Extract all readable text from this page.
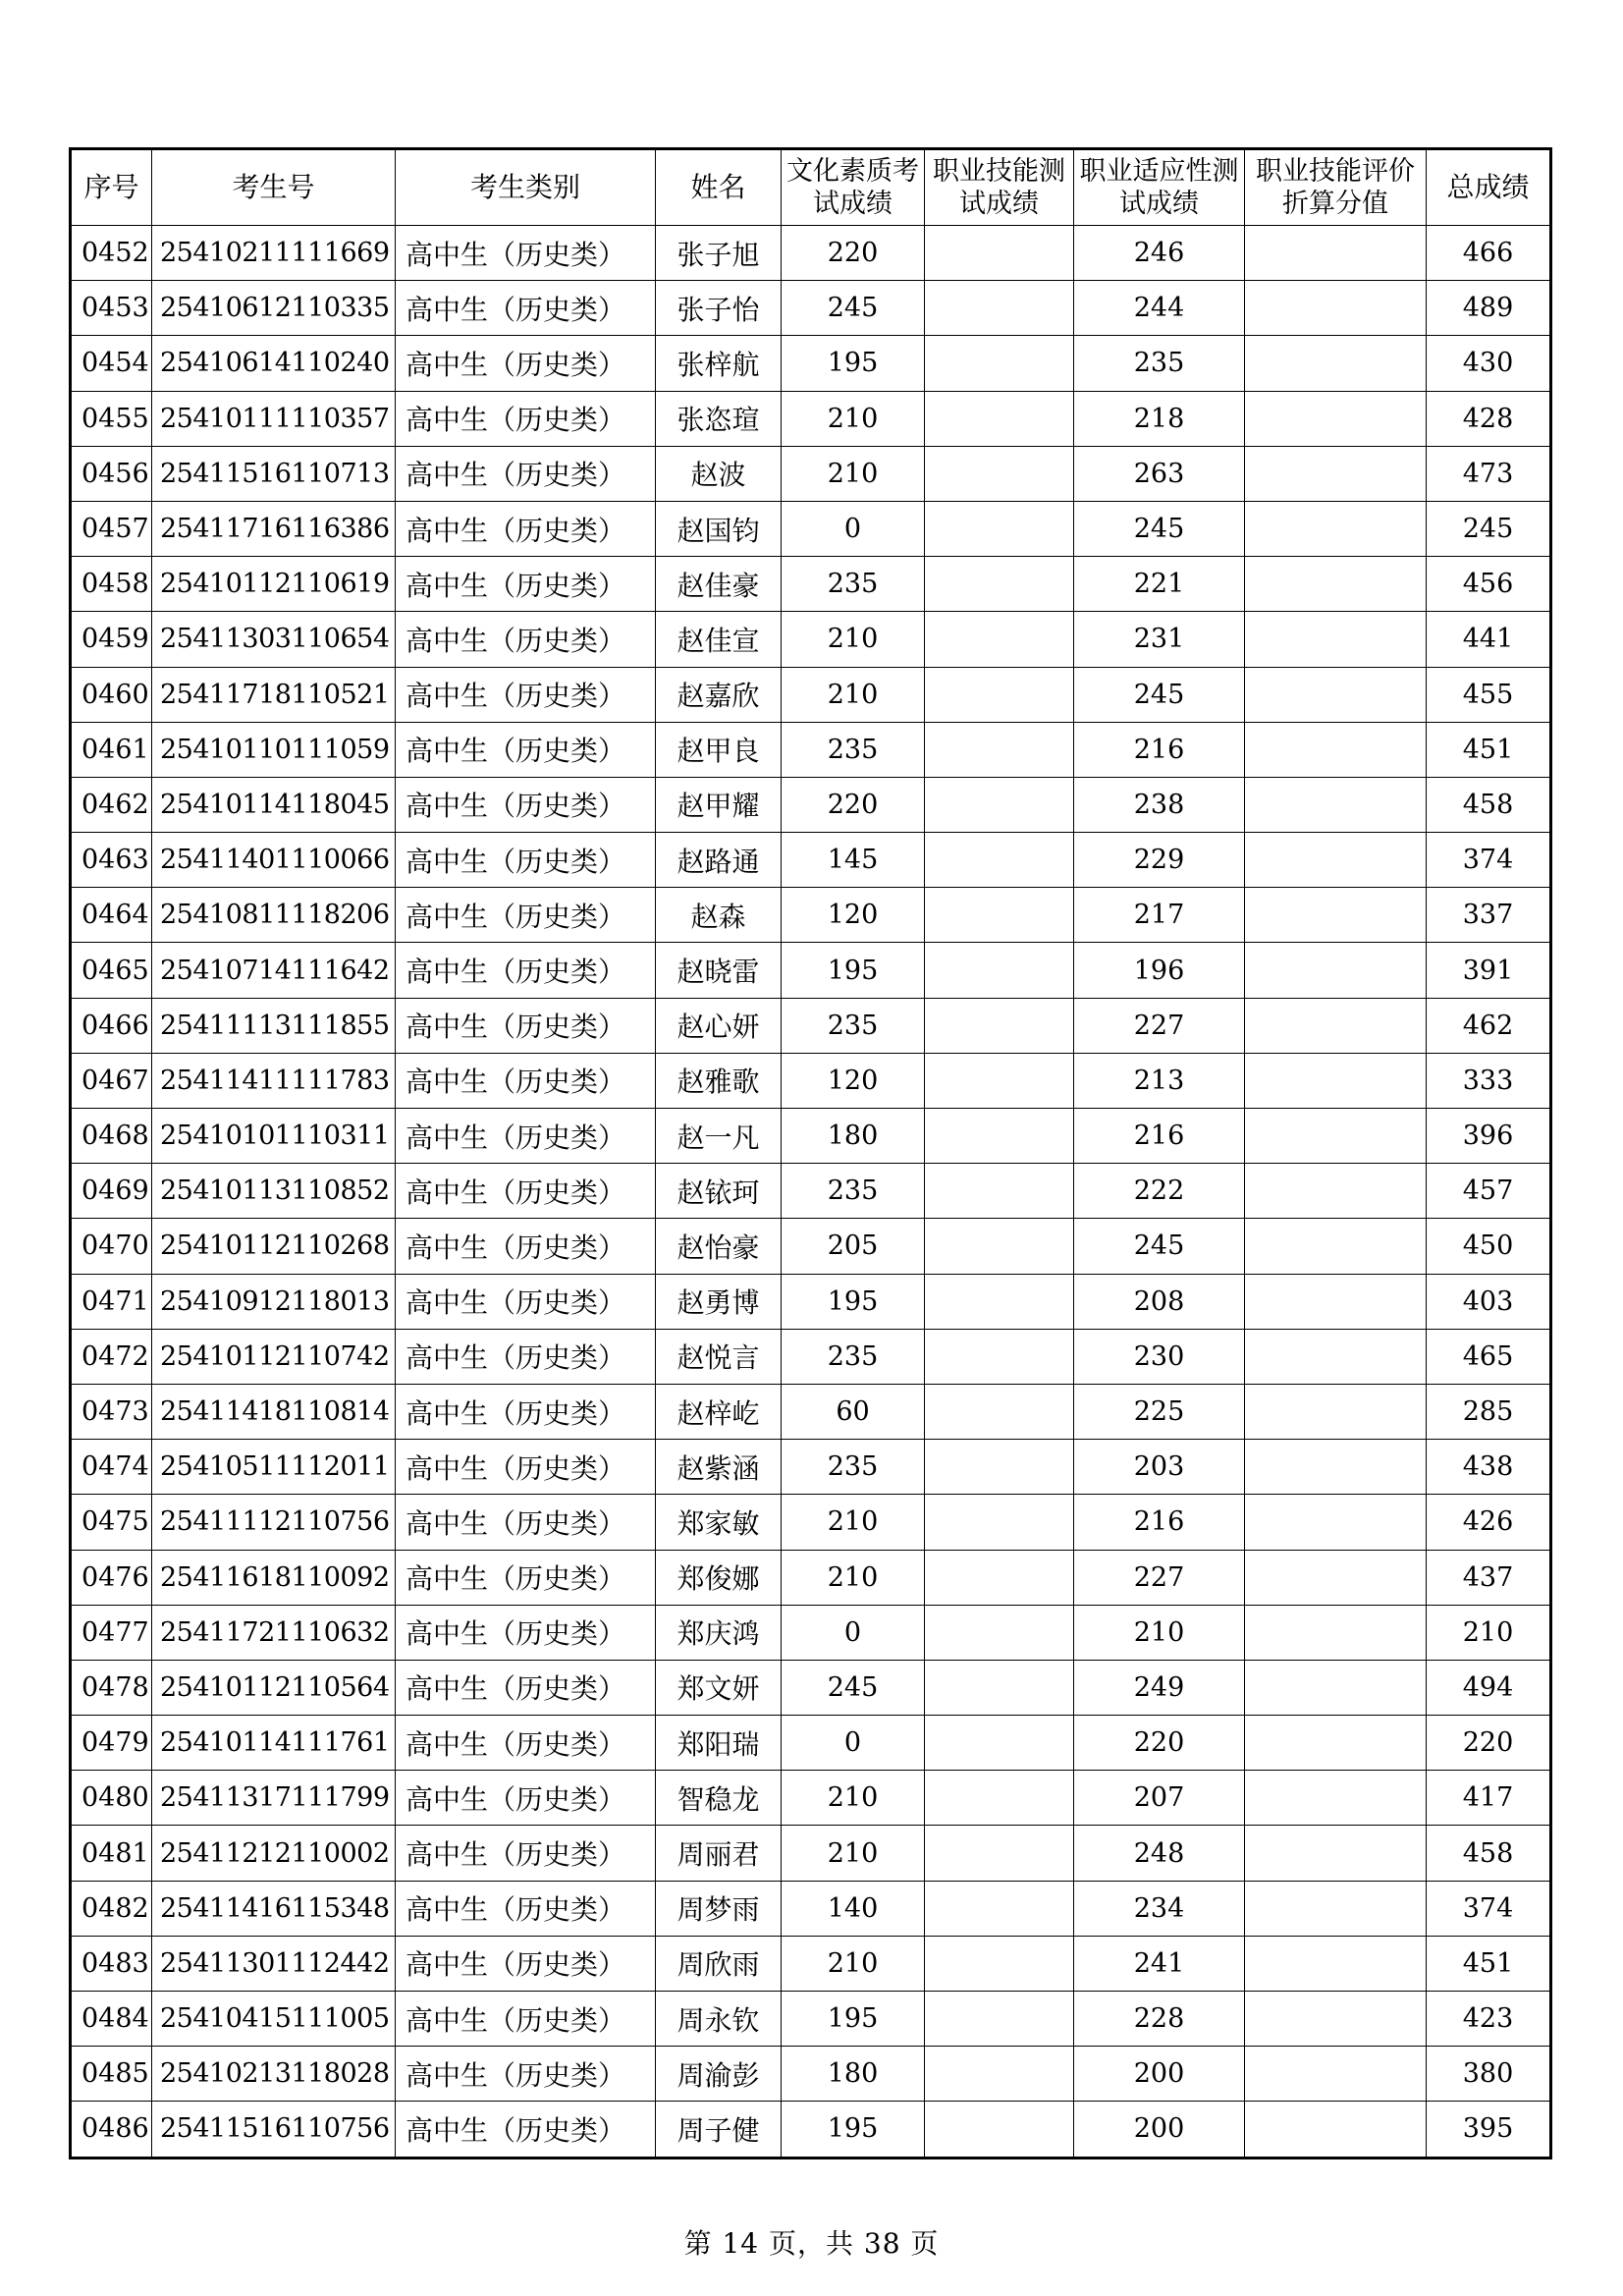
序号	考生号	考生类别	姓名	文化素质考试成绩	职业技能测试成绩	职业适应性测试成绩	职业技能评价折算分值	总成绩
0452	25410211111669	高中生（历史类）	张子旭	220		246		466
0453	25410612110335	高中生（历史类）	张子怡	245		244		489
0454	25410614110240	高中生（历史类）	张梓航	195		235		430
0455	25410111110357	高中生（历史类）	张恣瑄	210		218		428
0456	25411516110713	高中生（历史类）	赵波	210		263		473
0457	25411716116386	高中生（历史类）	赵国钧	0		245		245
0458	25410112110619	高中生（历史类）	赵佳豪	235		221		456
0459	25411303110654	高中生（历史类）	赵佳宣	210		231		441
0460	25411718110521	高中生（历史类）	赵嘉欣	210		245		455
0461	25410110111059	高中生（历史类）	赵甲良	235		216		451
0462	25410114118045	高中生（历史类）	赵甲耀	220		238		458
0463	25411401110066	高中生（历史类）	赵路通	145		229		374
0464	25410811118206	高中生（历史类）	赵森	120		217		337
0465	25410714111642	高中生（历史类）	赵晓雷	195		196		391
0466	25411113111855	高中生（历史类）	赵心妍	235		227		462
0467	25411411111783	高中生（历史类）	赵雅歌	120		213		333
0468	25410101110311	高中生（历史类）	赵一凡	180		216		396
0469	25410113110852	高中生（历史类）	赵铱珂	235		222		457
0470	25410112110268	高中生（历史类）	赵怡豪	205		245		450
0471	25410912118013	高中生（历史类）	赵勇博	195		208		403
0472	25410112110742	高中生（历史类）	赵悦言	235		230		465
0473	25411418110814	高中生（历史类）	赵梓屹	60		225		285
0474	25410511112011	高中生（历史类）	赵紫涵	235		203		438
0475	25411112110756	高中生（历史类）	郑家敏	210		216		426
0476	25411618110092	高中生（历史类）	郑俊娜	210		227		437
0477	25411721110632	高中生（历史类）	郑庆鸿	0		210		210
0478	25410112110564	高中生（历史类）	郑文妍	245		249		494
0479	25410114111761	高中生（历史类）	郑阳瑞	0		220		220
0480	25411317111799	高中生（历史类）	智稳龙	210		207		417
0481	25411212110002	高中生（历史类）	周丽君	210		248		458
0482	25411416115348	高中生（历史类）	周梦雨	140		234		374
0483	25411301112442	高中生（历史类）	周欣雨	210		241		451
0484	25410415111005	高中生（历史类）	周永钦	195		228		423
0485	25410213118028	高中生（历史类）	周渝彭	180		200		380
0486	25411516110756	高中生（历史类）	周子健	195		200		395
第 14 页，共 38 页
